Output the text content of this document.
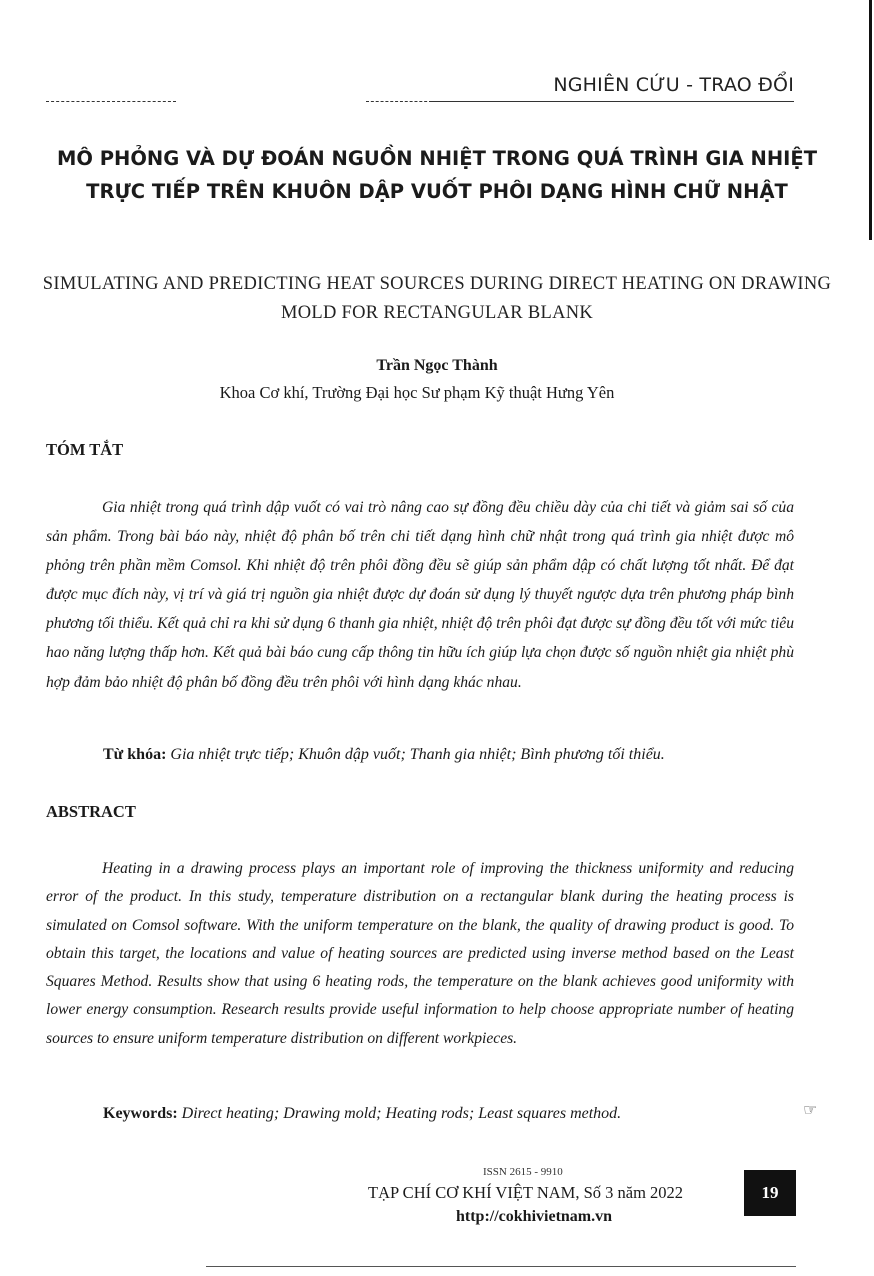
NGHIÊN CỨU - TRAO ĐỔI
MÔ PHỎNG VÀ DỰ ĐOÁN NGUỒN NHIỆT TRONG QUÁ TRÌNH GIA NHIỆT TRỰC TIẾP TRÊN KHUÔN DẬP VUỐT PHÔI DẠNG HÌNH CHỮ NHẬT
SIMULATING AND PREDICTING HEAT SOURCES DURING DIRECT HEATING ON DRAWING MOLD FOR RECTANGULAR BLANK
Trần Ngọc Thành
Khoa Cơ khí, Trường Đại học Sư phạm Kỹ thuật Hưng Yên
TÓM TẮT

Gia nhiệt trong quá trình dập vuốt có vai trò nâng cao sự đồng đều chiều dày của chi tiết và giảm sai số của sản phẩm. Trong bài báo này, nhiệt độ phân bố trên chi tiết dạng hình chữ nhật trong quá trình gia nhiệt được mô phỏng trên phần mềm Comsol. Khi nhiệt độ trên phôi đồng đều sẽ giúp sản phẩm dập có chất lượng tốt nhất. Để đạt được mục đích này, vị trí và giá trị nguồn gia nhiệt được dự đoán sử dụng lý thuyết ngược dựa trên phương pháp bình phương tối thiểu. Kết quả chỉ ra khi sử dụng 6 thanh gia nhiệt, nhiệt độ trên phôi đạt được sự đồng đều tốt với mức tiêu hao năng lượng thấp hơn. Kết quả bài báo cung cấp thông tin hữu ích giúp lựa chọn được số nguồn nhiệt gia nhiệt phù hợp đảm bảo nhiệt độ phân bố đồng đều trên phôi với hình dạng khác nhau.

Từ khóa: Gia nhiệt trực tiếp; Khuôn dập vuốt; Thanh gia nhiệt; Bình phương tối thiểu.
ABSTRACT

Heating in a drawing process plays an important role of improving the thickness uniformity and reducing error of the product. In this study, temperature distribution on a rectangular blank during the heating process is simulated on Comsol software. With the uniform temperature on the blank, the quality of drawing product is good. To obtain this target, the locations and value of heating sources are predicted using inverse method based on the Least Squares Method. Results show that using 6 heating rods, the temperature on the blank achieves good uniformity with lower energy consumption. Research results provide useful information to help choose appropriate number of heating sources to ensure uniform temperature distribution on different workpieces.

Keywords: Direct heating; Drawing mold; Heating rods; Least squares method.	☞
ISSN 2615 - 9910
TẠP CHÍ CƠ KHÍ VIỆT NAM, Số 3 năm 2022
http://cokhivietnam.vn
19
